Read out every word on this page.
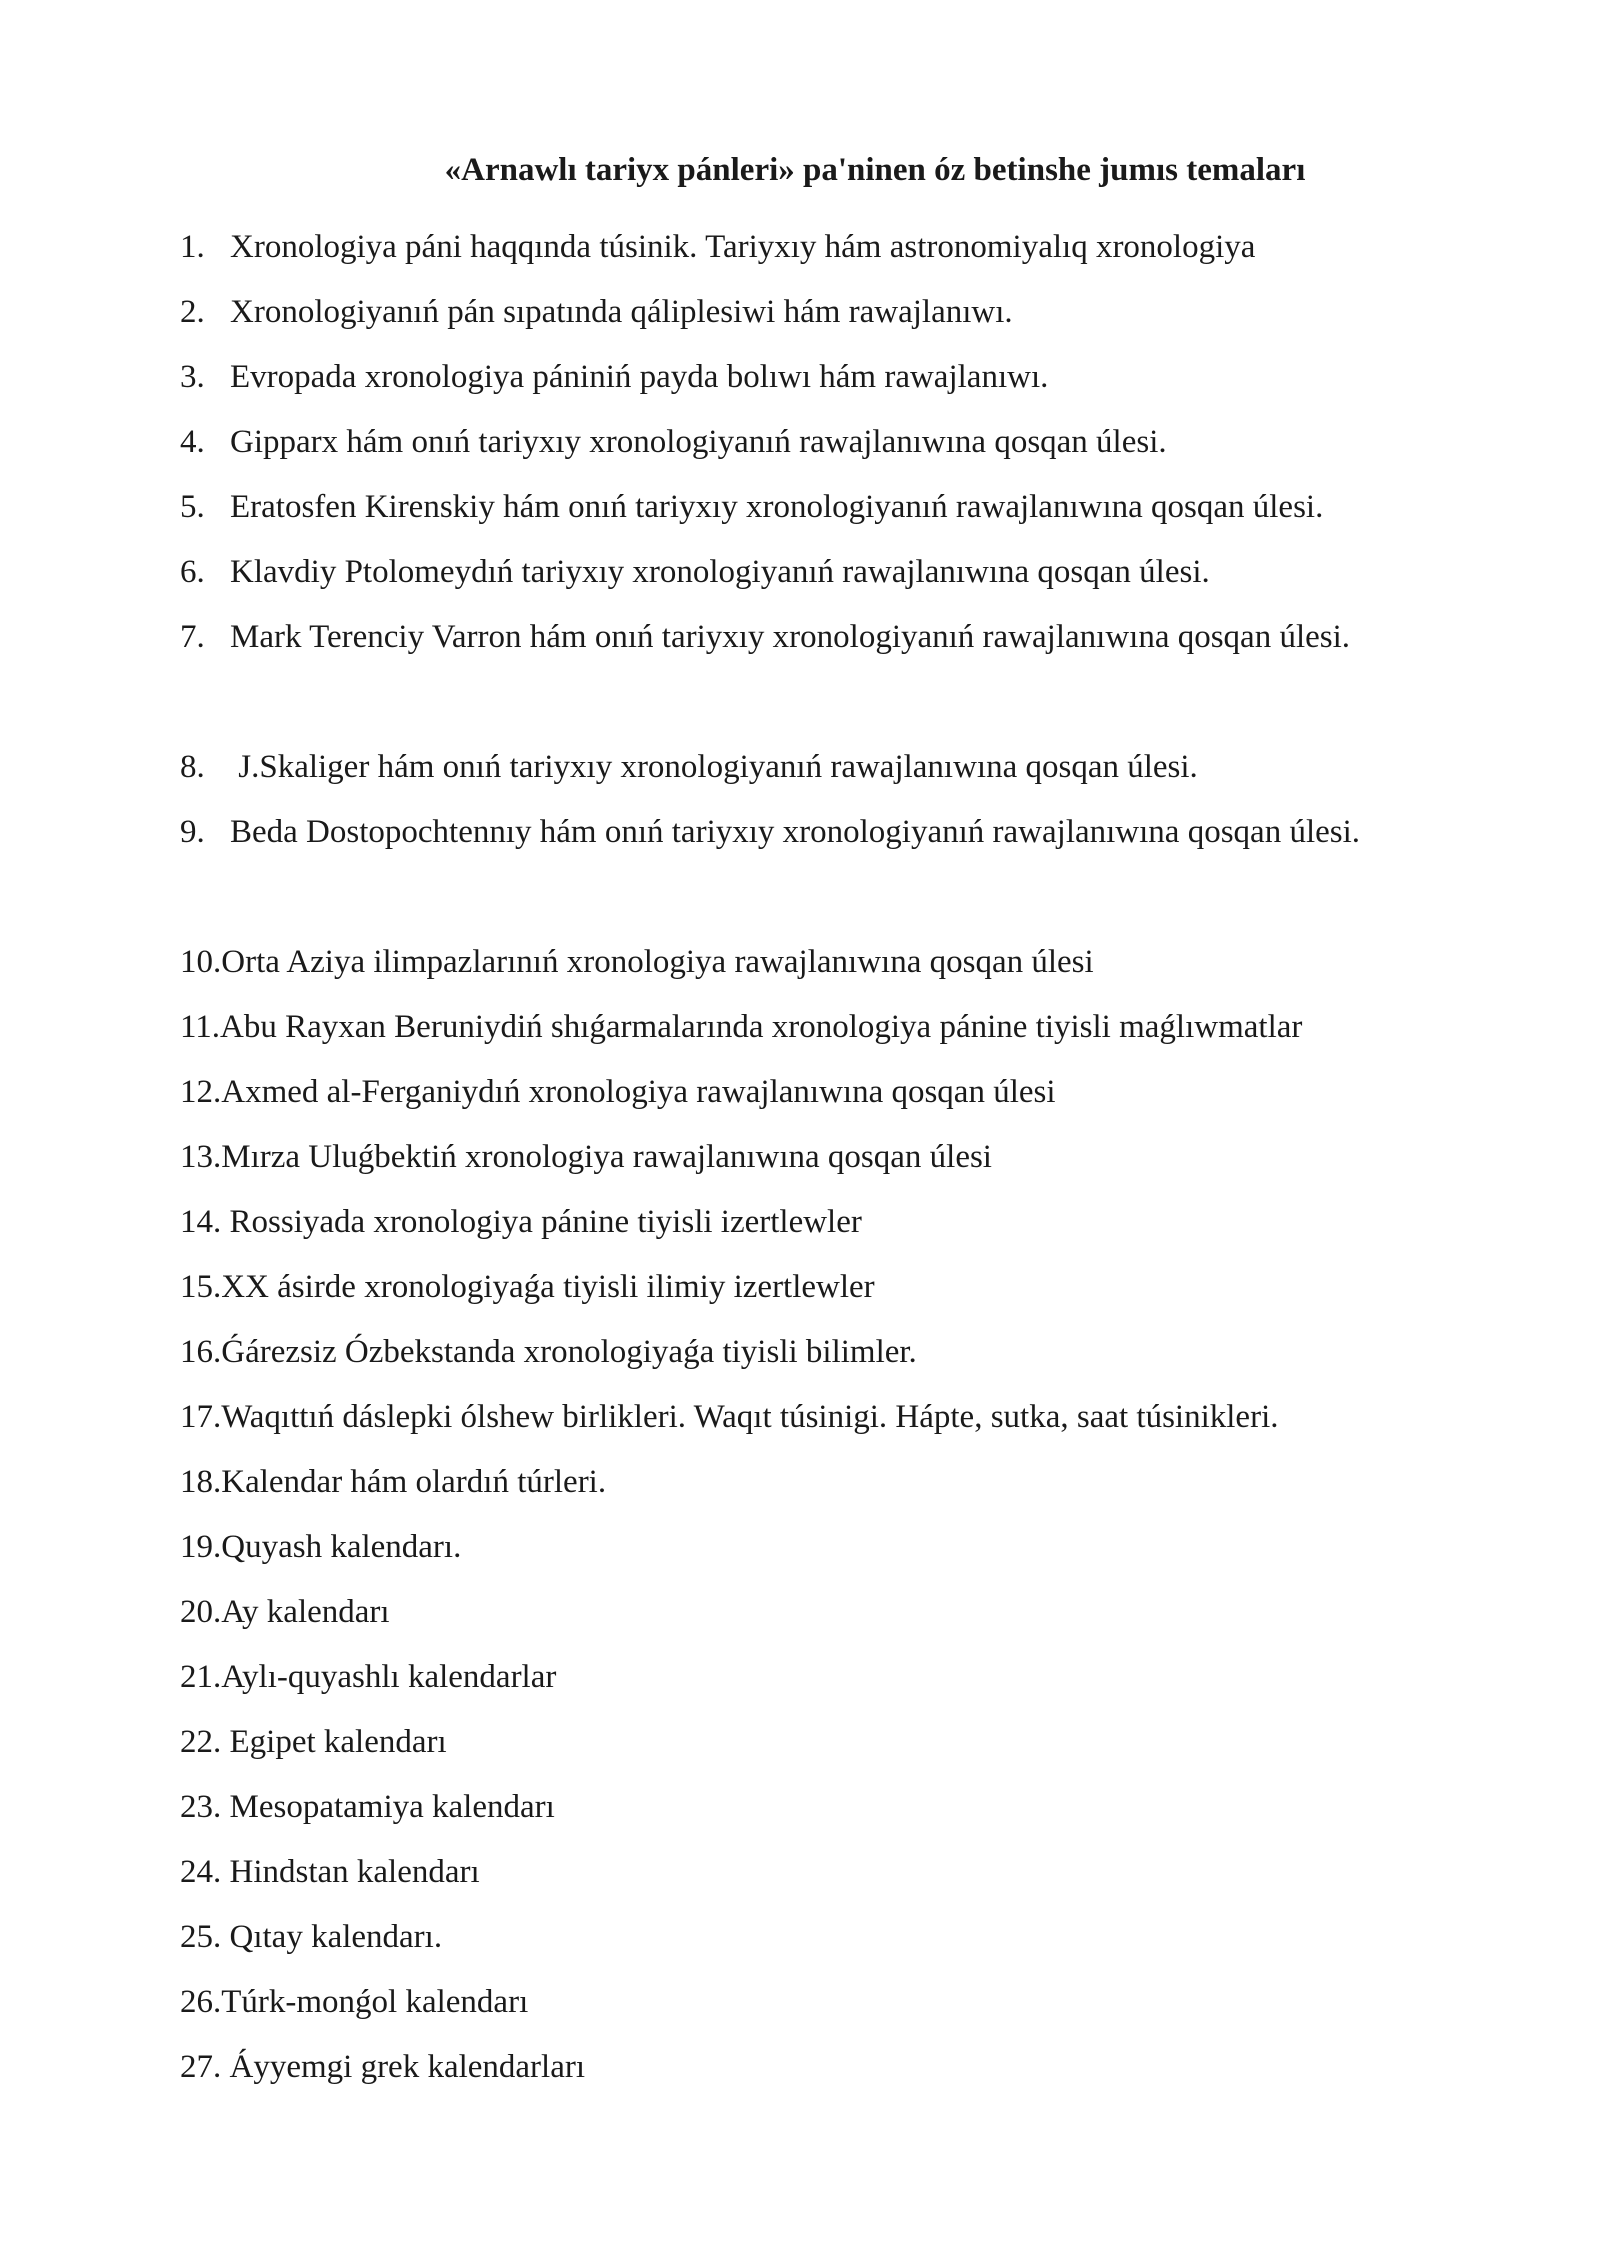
«Arnawlı tariyx pánleri» pa'ninen óz betinshe jumıs temaları
1. Xronologiya páni haqqında túsinik. Tariyxıy hám astronomiyalıq xronologiya
2. Xronologiyanıń pán sıpatında qáliplesiwi hám rawajlanıwı.
3. Evropada xronologiya pániniń payda bolıwı hám rawajlanıwı.
4. Gipparx hám onıń tariyxıy xronologiyanıń rawajlanıwına qosqan úlesi.
5. Eratosfen Kirenskiy hám onıń tariyxıy xronologiyanıń rawajlanıwına qosqan úlesi.
6. Klavdiy Ptolomeydıń tariyxıy xronologiyanıń rawajlanıwına qosqan úlesi.
7. Mark Terenciy Varron hám onıń tariyxıy xronologiyanıń rawajlanıwına qosqan úlesi.
8. J.Skaliger hám onıń tariyxıy xronologiyanıń rawajlanıwına qosqan úlesi.
9. Beda Dostopochtennıy hám onıń tariyxıy xronologiyanıń rawajlanıwına qosqan úlesi.
10. Orta Aziya ilimpazlarınıń xronologiya rawajlanıwına qosqan úlesi
11. Abu Rayxan Beruniydiń shıǵarmalarında xronologiya pánine tiyisli maǵlıwmatlar
12. Axmed al-Ferganiydıń xronologiya rawajlanıwına qosqan úlesi
13. Mırza Uluǵbektiń xronologiya rawajlanıwına qosqan úlesi
14. Rossiyada xronologiya pánine tiyisli izertlewler
15. XX ásirde xronologiyaǵa tiyisli ilimiy izertlewler
16. Ǵárezsiz Ózbekstanda xronologiyaǵa tiyisli bilimler.
17. Waqıttıń dáslepki ólshew birlikleri. Waqıt túsinigi. Hápte, sutka, saat túsinikleri.
18. Kalendar hám olardıń túrleri.
19. Quyash kalendarı.
20. Ay kalendarı
21. Aylı-quyashlı kalendarlar
22. Egipet kalendarı
23. Mesopatamiya kalendarı
24. Hindstan kalendarı
25. Qıtay kalendarı.
26. Túrk-monǵol kalendarı
27. Áyyemgi grek kalendarları
